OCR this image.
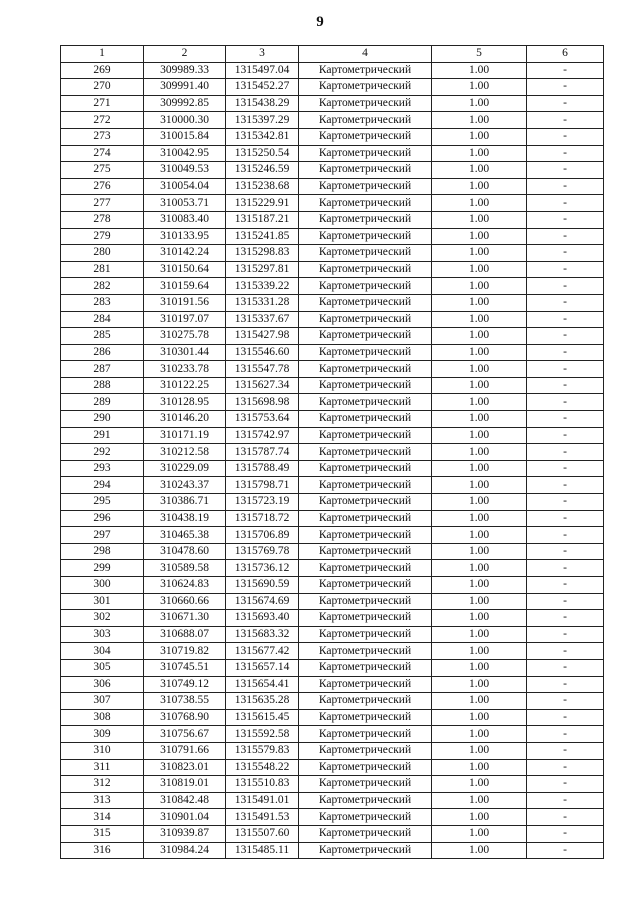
9
1	2	3	4	5	6
269	309989.33	1315497.04	Картометрический	1.00	-
270	309991.40	1315452.27	Картометрический	1.00	-
271	309992.85	1315438.29	Картометрический	1.00	-
272	310000.30	1315397.29	Картометрический	1.00	-
273	310015.84	1315342.81	Картометрический	1.00	-
274	310042.95	1315250.54	Картометрический	1.00	-
275	310049.53	1315246.59	Картометрический	1.00	-
276	310054.04	1315238.68	Картометрический	1.00	-
277	310053.71	1315229.91	Картометрический	1.00	-
278	310083.40	1315187.21	Картометрический	1.00	-
279	310133.95	1315241.85	Картометрический	1.00	-
280	310142.24	1315298.83	Картометрический	1.00	-
281	310150.64	1315297.81	Картометрический	1.00	-
282	310159.64	1315339.22	Картометрический	1.00	-
283	310191.56	1315331.28	Картометрический	1.00	-
284	310197.07	1315337.67	Картометрический	1.00	-
285	310275.78	1315427.98	Картометрический	1.00	-
286	310301.44	1315546.60	Картометрический	1.00	-
287	310233.78	1315547.78	Картометрический	1.00	-
288	310122.25	1315627.34	Картометрический	1.00	-
289	310128.95	1315698.98	Картометрический	1.00	-
290	310146.20	1315753.64	Картометрический	1.00	-
291	310171.19	1315742.97	Картометрический	1.00	-
292	310212.58	1315787.74	Картометрический	1.00	-
293	310229.09	1315788.49	Картометрический	1.00	-
294	310243.37	1315798.71	Картометрический	1.00	-
295	310386.71	1315723.19	Картометрический	1.00	-
296	310438.19	1315718.72	Картометрический	1.00	-
297	310465.38	1315706.89	Картометрический	1.00	-
298	310478.60	1315769.78	Картометрический	1.00	-
299	310589.58	1315736.12	Картометрический	1.00	-
300	310624.83	1315690.59	Картометрический	1.00	-
301	310660.66	1315674.69	Картометрический	1.00	-
302	310671.30	1315693.40	Картометрический	1.00	-
303	310688.07	1315683.32	Картометрический	1.00	-
304	310719.82	1315677.42	Картометрический	1.00	-
305	310745.51	1315657.14	Картометрический	1.00	-
306	310749.12	1315654.41	Картометрический	1.00	-
307	310738.55	1315635.28	Картометрический	1.00	-
308	310768.90	1315615.45	Картометрический	1.00	-
309	310756.67	1315592.58	Картометрический	1.00	-
310	310791.66	1315579.83	Картометрический	1.00	-
311	310823.01	1315548.22	Картометрический	1.00	-
312	310819.01	1315510.83	Картометрический	1.00	-
313	310842.48	1315491.01	Картометрический	1.00	-
314	310901.04	1315491.53	Картометрический	1.00	-
315	310939.87	1315507.60	Картометрический	1.00	-
316	310984.24	1315485.11	Картометрический	1.00	-
